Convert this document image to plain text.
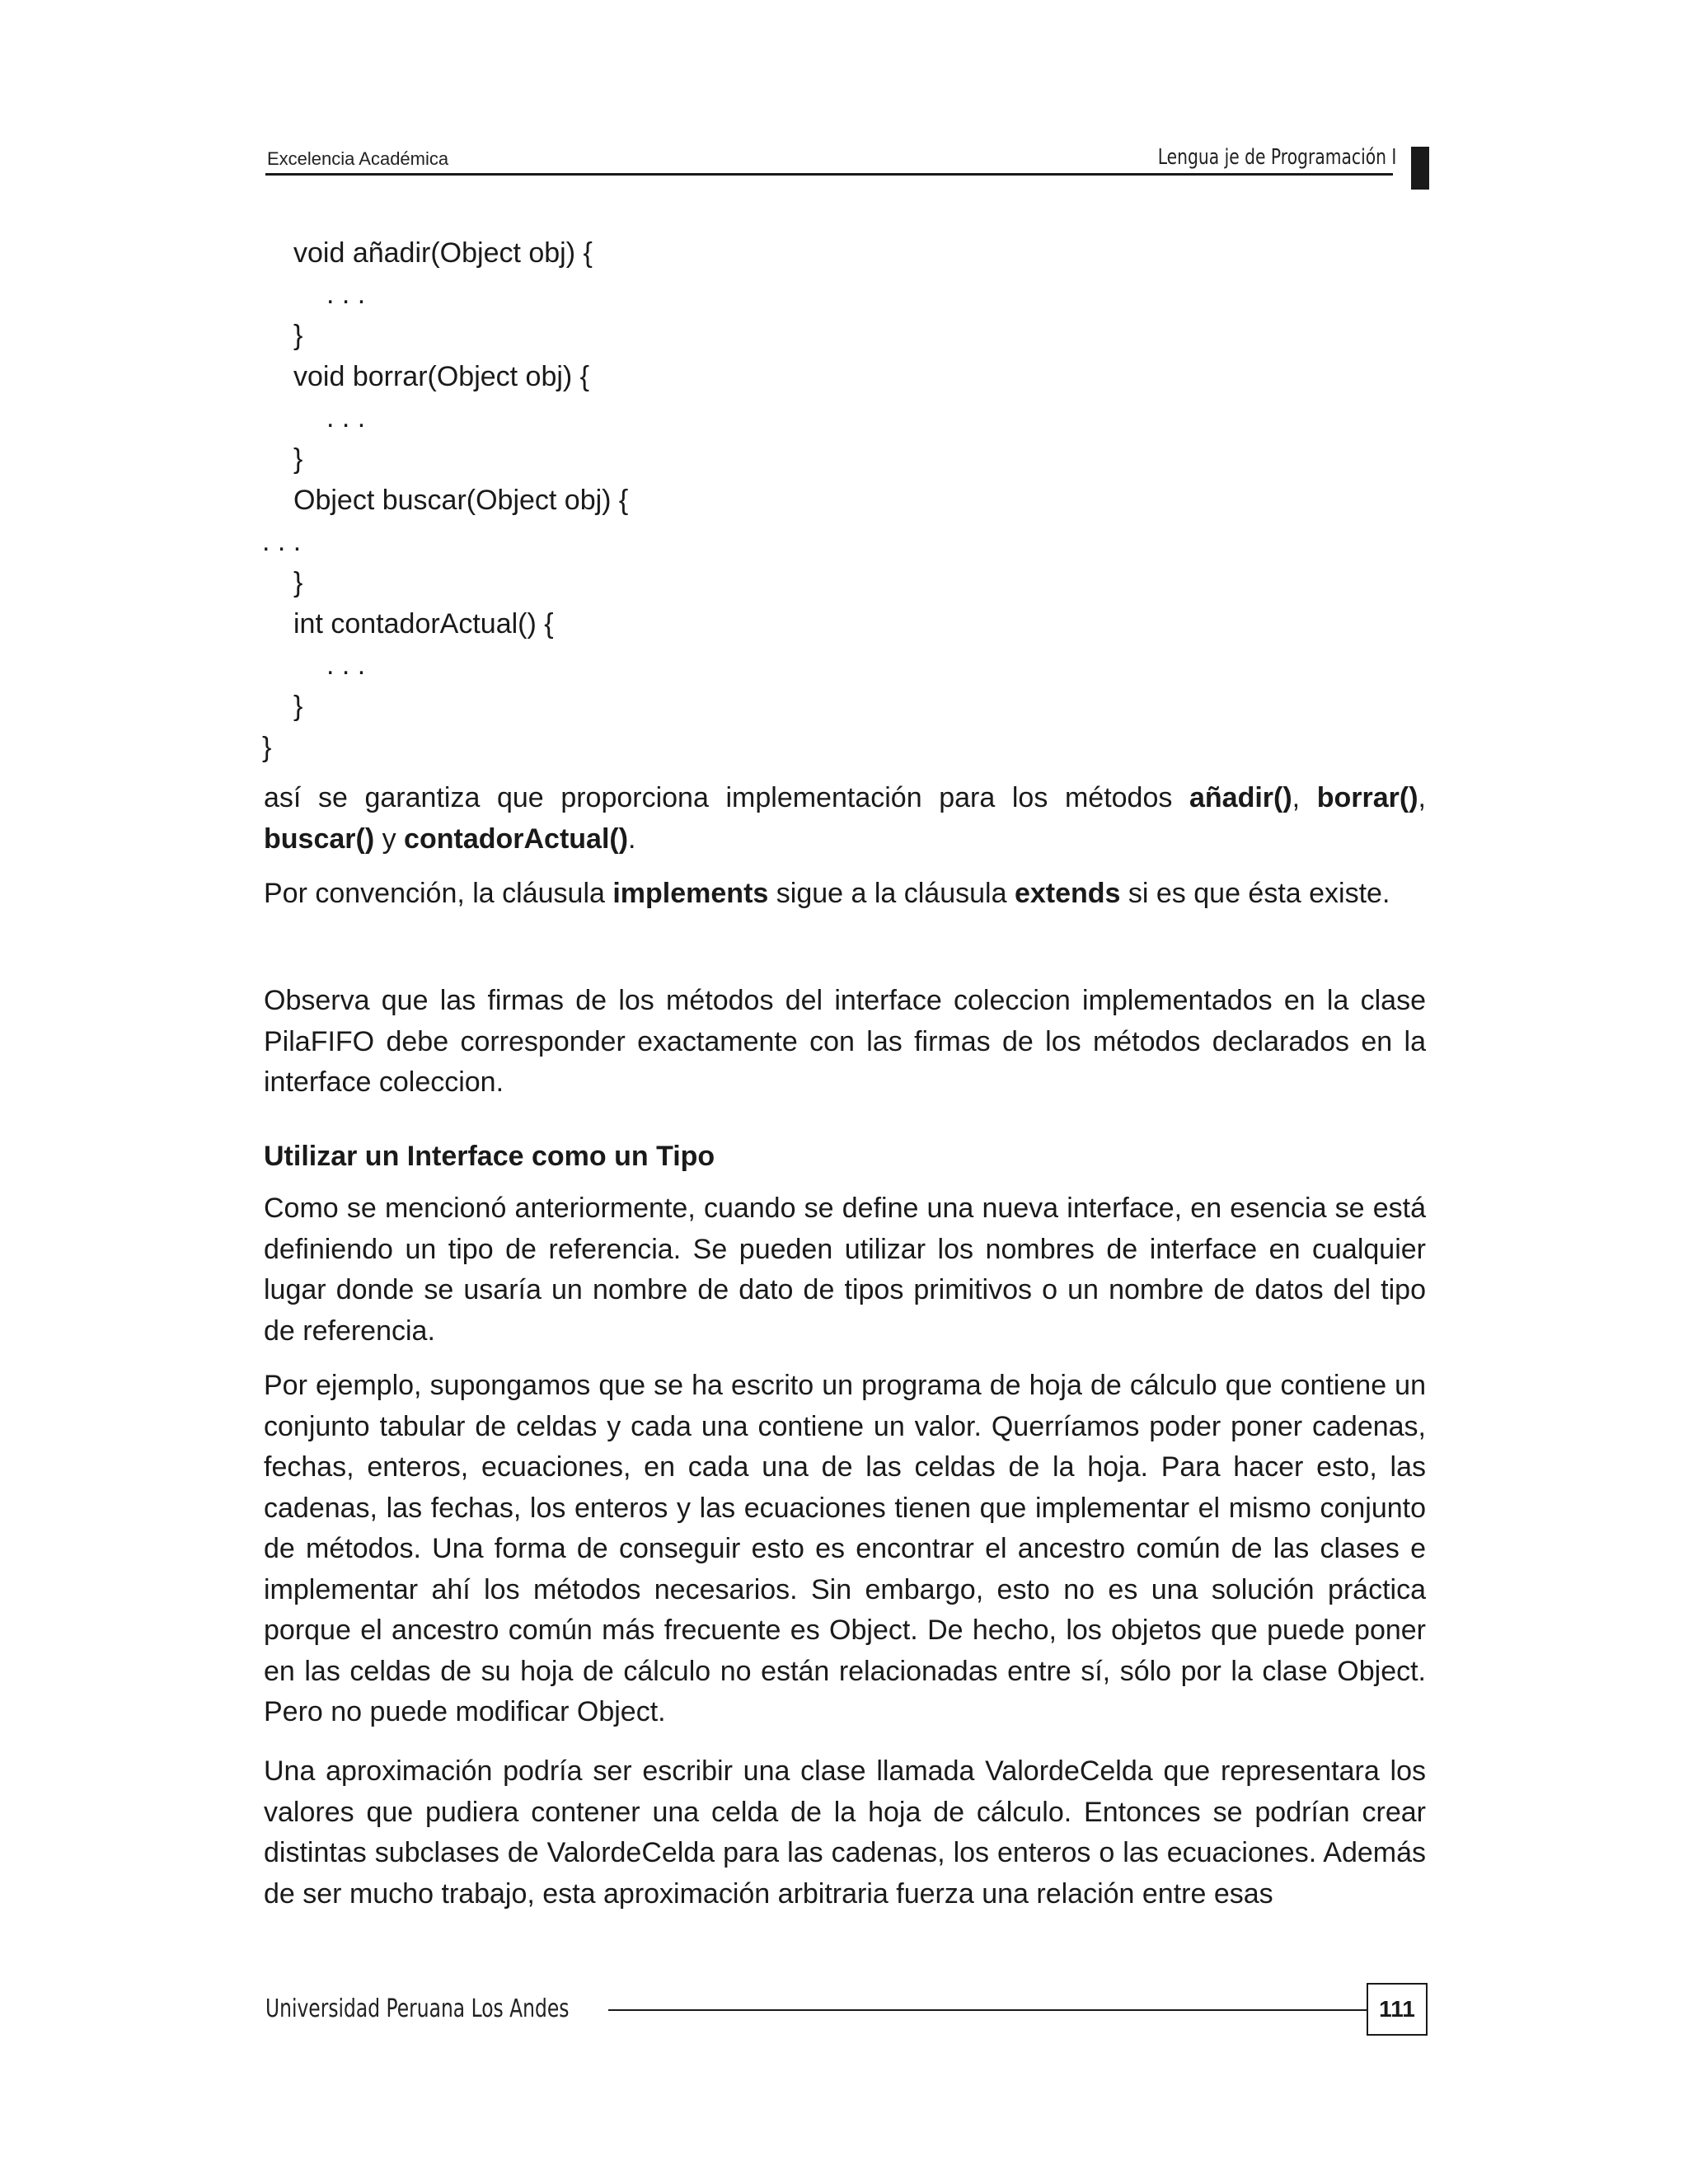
Excelencia Académica	Lengua je de Programación I
void añadir(Object obj) {
. . .
}
void borrar(Object obj) {
. . .
}
Object buscar(Object obj) {
. . .
}
int contadorActual() {
. . .
}
}

así se garantiza que proporciona implementación para los métodos añadir(), borrar(), buscar() y contadorActual().

Por convención, la cláusula implements sigue a la cláusula extends si es que ésta existe.

Observa que las firmas de los métodos del interface coleccion implementados en la clase PilaFIFO debe corresponder exactamente con las firmas de los métodos declarados en la interface coleccion.

Utilizar un Interface como un Tipo

Como se mencionó anteriormente, cuando se define una nueva interface, en esencia se está definiendo un tipo de referencia. Se pueden utilizar los nombres de interface en cualquier lugar donde se usaría un nombre de dato de tipos primitivos o un nombre de datos del tipo de referencia.

Por ejemplo, supongamos que se ha escrito un programa de hoja de cálculo que contiene un conjunto tabular de celdas y cada una contiene un valor. Querríamos poder poner cadenas, fechas, enteros, ecuaciones, en cada una de las celdas de la hoja. Para hacer esto, las cadenas, las fechas, los enteros y las ecuaciones tienen que implementar el mismo conjunto de métodos. Una forma de conseguir esto es encontrar el ancestro común de las clases e implementar ahí los métodos necesarios. Sin embargo, esto no es una solución práctica porque el ancestro común más frecuente es Object. De hecho, los objetos que puede poner en las celdas de su hoja de cálculo no están relacionadas entre sí, sólo por la clase Object. Pero no puede modificar Object.

Una aproximación podría ser escribir una clase llamada ValordeCelda que representara los valores que pudiera contener una celda de la hoja de cálculo. Entonces se podrían crear distintas subclases de ValordeCelda para las cadenas, los enteros o las ecuaciones. Además de ser mucho trabajo, esta aproximación arbitraria fuerza una relación entre esas

Universidad Peruana Los Andes	111
